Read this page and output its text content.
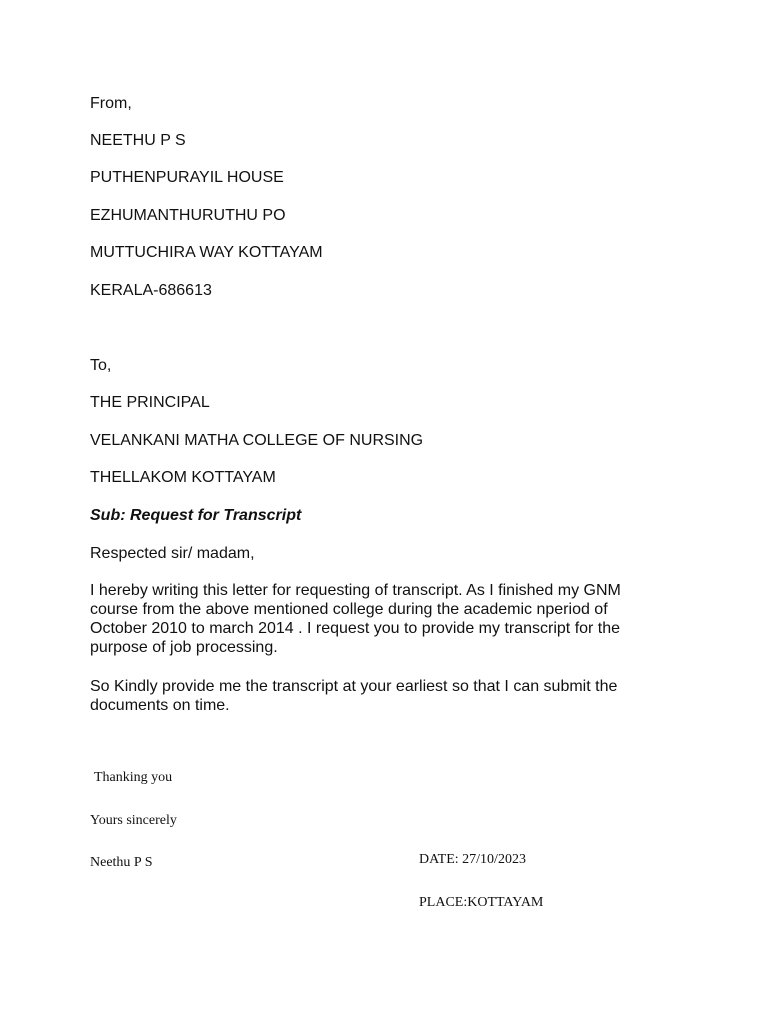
From,
NEETHU P S
PUTHENPURAYIL HOUSE
EZHUMANTHURUTHU PO
MUTTUCHIRA WAY KOTTAYAM
KERALA-686613
To,
THE PRINCIPAL
VELANKANI MATHA COLLEGE OF NURSING
THELLAKOM KOTTAYAM
Sub: Request for Transcript
Respected sir/ madam,
I hereby writing this letter for requesting of transcript. As I finished my GNM course from the above mentioned college during the academic nperiod of October 2010 to march 2014 . I request you to provide my transcript for the purpose of job processing.
So Kindly provide me the transcript at your earliest so that I can submit the documents on time.
Thanking you
Yours sincerely
Neethu P S	DATE: 27/10/2023
PLACE:KOTTAYAM
